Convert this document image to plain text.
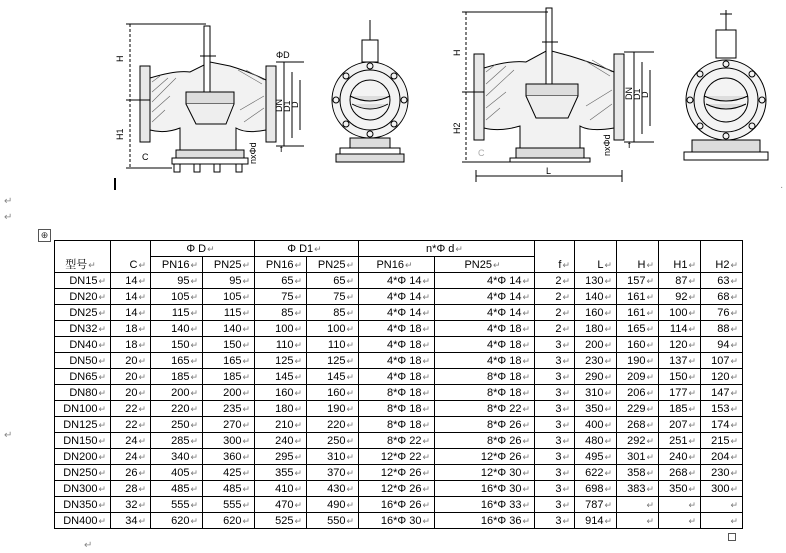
H
H1
C
f
nxΦd
ΦD
DN
D1
D
H
H2
C
L
f
nxΦd
DN
D1
D
↵
↵
↵
·
↵
⊕
型号↵	C↵	Φ D↵		Φ D1↵		n*Φ d↵		f↵	L↵	H↵	H1↵	H2↵
		PN16↵	PN25↵	PN16↵	PN25↵	PN16↵	PN25↵					
DN15↵	14↵	95↵	95↵	65↵	65↵	4*Φ 14↵	4*Φ 14↵	2↵	130↵	157↵	87↵	63↵
DN20↵	14↵	105↵	105↵	75↵	75↵	4*Φ 14↵	4*Φ 14↵	2↵	140↵	161↵	92↵	68↵
DN25↵	14↵	115↵	115↵	85↵	85↵	4*Φ 14↵	4*Φ 14↵	2↵	160↵	161↵	100↵	76↵
DN32↵	18↵	140↵	140↵	100↵	100↵	4*Φ 18↵	4*Φ 18↵	2↵	180↵	165↵	114↵	88↵
DN40↵	18↵	150↵	150↵	110↵	110↵	4*Φ 18↵	4*Φ 18↵	3↵	200↵	160↵	120↵	94↵
DN50↵	20↵	165↵	165↵	125↵	125↵	4*Φ 18↵	4*Φ 18↵	3↵	230↵	190↵	137↵	107↵
DN65↵	20↵	185↵	185↵	145↵	145↵	4*Φ 18↵	8*Φ 18↵	3↵	290↵	209↵	150↵	120↵
DN80↵	20↵	200↵	200↵	160↵	160↵	8*Φ 18↵	8*Φ 18↵	3↵	310↵	206↵	177↵	147↵
DN100↵	22↵	220↵	235↵	180↵	190↵	8*Φ 18↵	8*Φ 22↵	3↵	350↵	229↵	185↵	153↵
DN125↵	22↵	250↵	270↵	210↵	220↵	8*Φ 18↵	8*Φ 26↵	3↵	400↵	268↵	207↵	174↵
DN150↵	24↵	285↵	300↵	240↵	250↵	8*Φ 22↵	8*Φ 26↵	3↵	480↵	292↵	251↵	215↵
DN200↵	24↵	340↵	360↵	295↵	310↵	12*Φ 22↵	12*Φ 26↵	3↵	495↵	301↵	240↵	204↵
DN250↵	26↵	405↵	425↵	355↵	370↵	12*Φ 26↵	12*Φ 30↵	3↵	622↵	358↵	268↵	230↵
DN300↵	28↵	485↵	485↵	410↵	430↵	12*Φ 26↵	16*Φ 30↵	3↵	698↵	383↵	350↵	300↵
DN350↵	32↵	555↵	555↵	470↵	490↵	16*Φ 26↵	16*Φ 33↵	3↵	787↵	↵	↵	↵
DN400↵	34↵	620↵	620↵	525↵	550↵	16*Φ 30↵	16*Φ 36↵	3↵	914↵	↵	↵	↵
